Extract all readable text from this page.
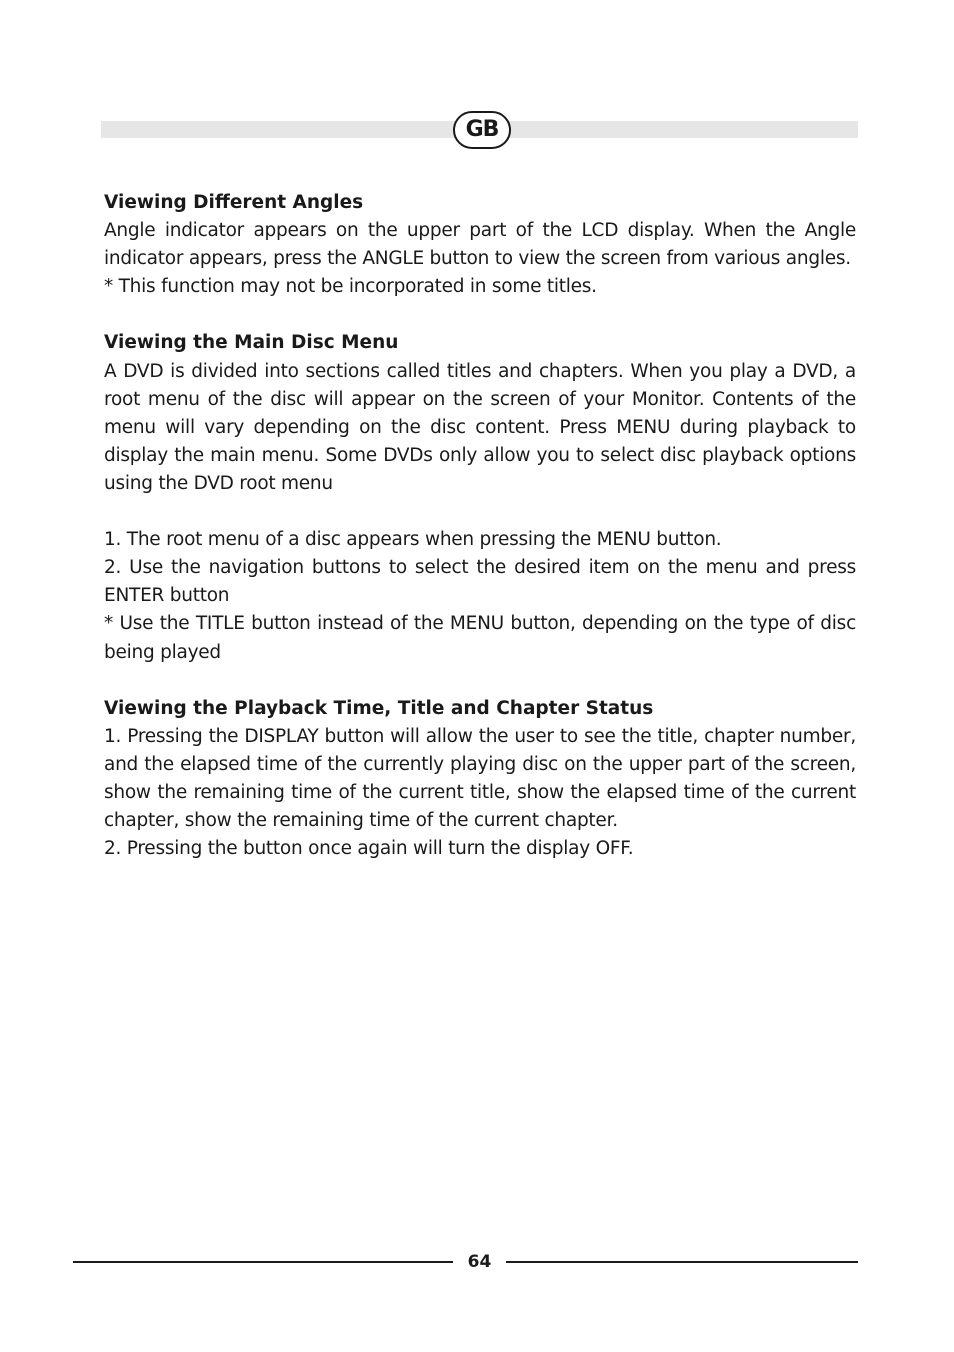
GB

Viewing Different Angles

Angle indicator appears on the upper part of the LCD display. When the Angle indicator appears, press the ANGLE button to view the screen from various angles.

* This function may not be incorporated in some titles.

Viewing the Main Disc Menu

A DVD is divided into sections called titles and chapters. When you play a DVD, a root menu of the disc will appear on the screen of your Monitor. Contents of the menu will vary depending on the disc content. Press MENU during playback to display the main menu. Some DVDs only allow you to select disc playback options using the DVD root menu

1. The root menu of a disc appears when pressing the MENU button.

2. Use the navigation buttons to select the desired item on the menu and press ENTER button

* Use the TITLE button instead of the MENU button, depending on the type of disc being played

Viewing the Playback Time, Title and Chapter Status

1. Pressing the DISPLAY button will allow the user to see the title, chapter number, and the elapsed time of the currently playing disc on the upper part of the screen, show the remaining time of the current title, show the elapsed time of the current chapter, show the remaining time of the current chapter.

2. Pressing the button once again will turn the display OFF.

64
